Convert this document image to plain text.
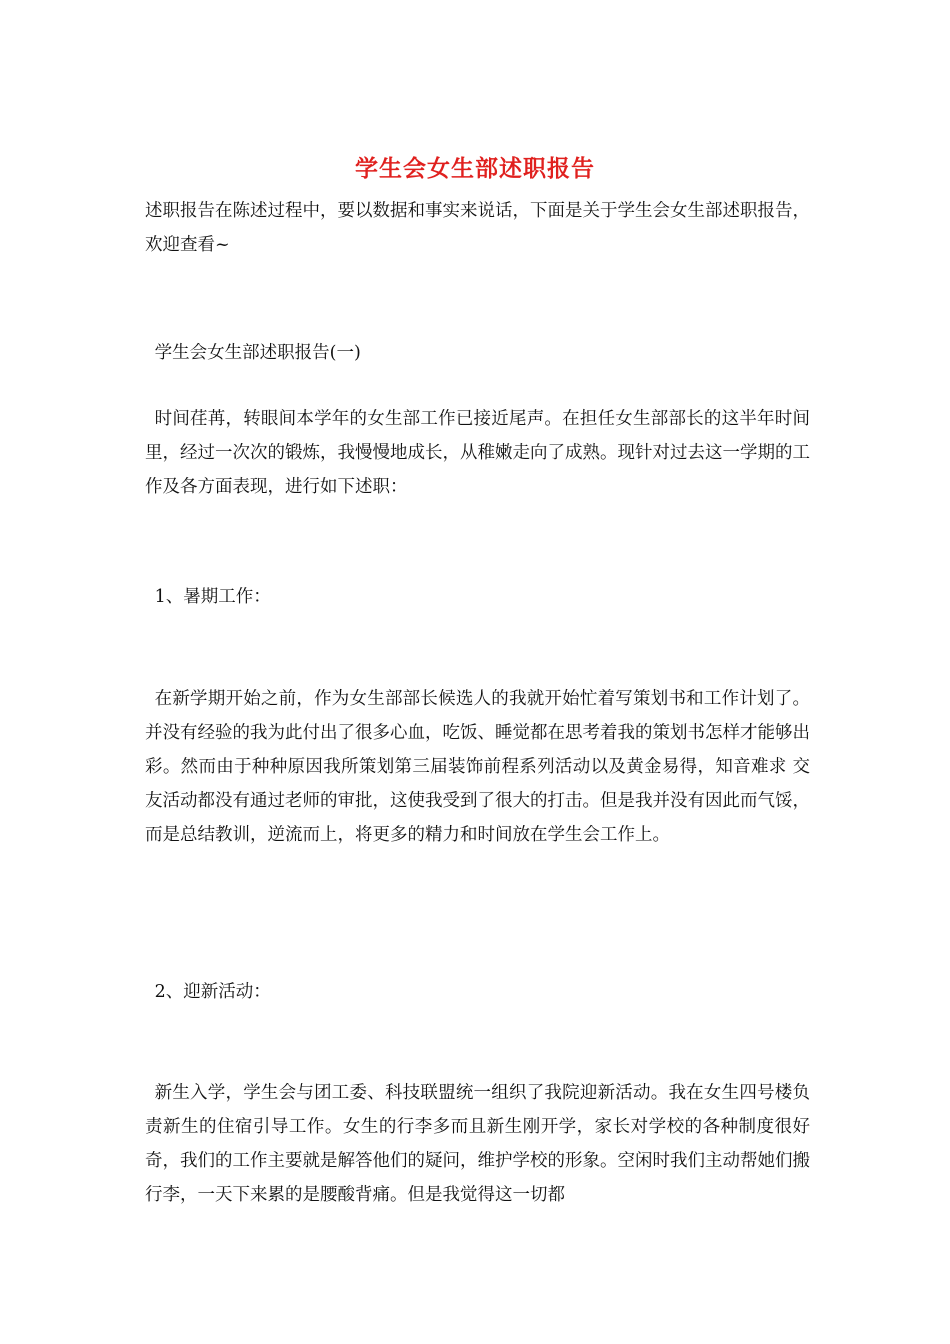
学生会女生部述职报告
述职报告在陈述过程中，要以数据和事实来说话，下面是关于学生会女生部述职报告，欢迎查看~
学生会女生部述职报告(一)
时间荏苒，转眼间本学年的女生部工作已接近尾声。在担任女生部部长的这半年时间里，经过一次次的锻炼，我慢慢地成长，从稚嫩走向了成熟。现针对过去这一学期的工作及各方面表现，进行如下述职：
1、暑期工作：
在新学期开始之前，作为女生部部长候选人的我就开始忙着写策划书和工作计划了。并没有经验的我为此付出了很多心血，吃饭、睡觉都在思考着我的策划书怎样才能够出彩。然而由于种种原因我所策划第三届装饰前程系列活动以及黄金易得，知音难求 交友活动都没有通过老师的审批，这使我受到了很大的打击。但是我并没有因此而气馁，而是总结教训，逆流而上，将更多的精力和时间放在学生会工作上。
2、迎新活动：
新生入学，学生会与团工委、科技联盟统一组织了我院迎新活动。我在女生四号楼负责新生的住宿引导工作。女生的行李多而且新生刚开学，家长对学校的各种制度很好奇，我们的工作主要就是解答他们的疑问，维护学校的形象。空闲时我们主动帮她们搬行李，一天下来累的是腰酸背痛。但是我觉得这一切都
